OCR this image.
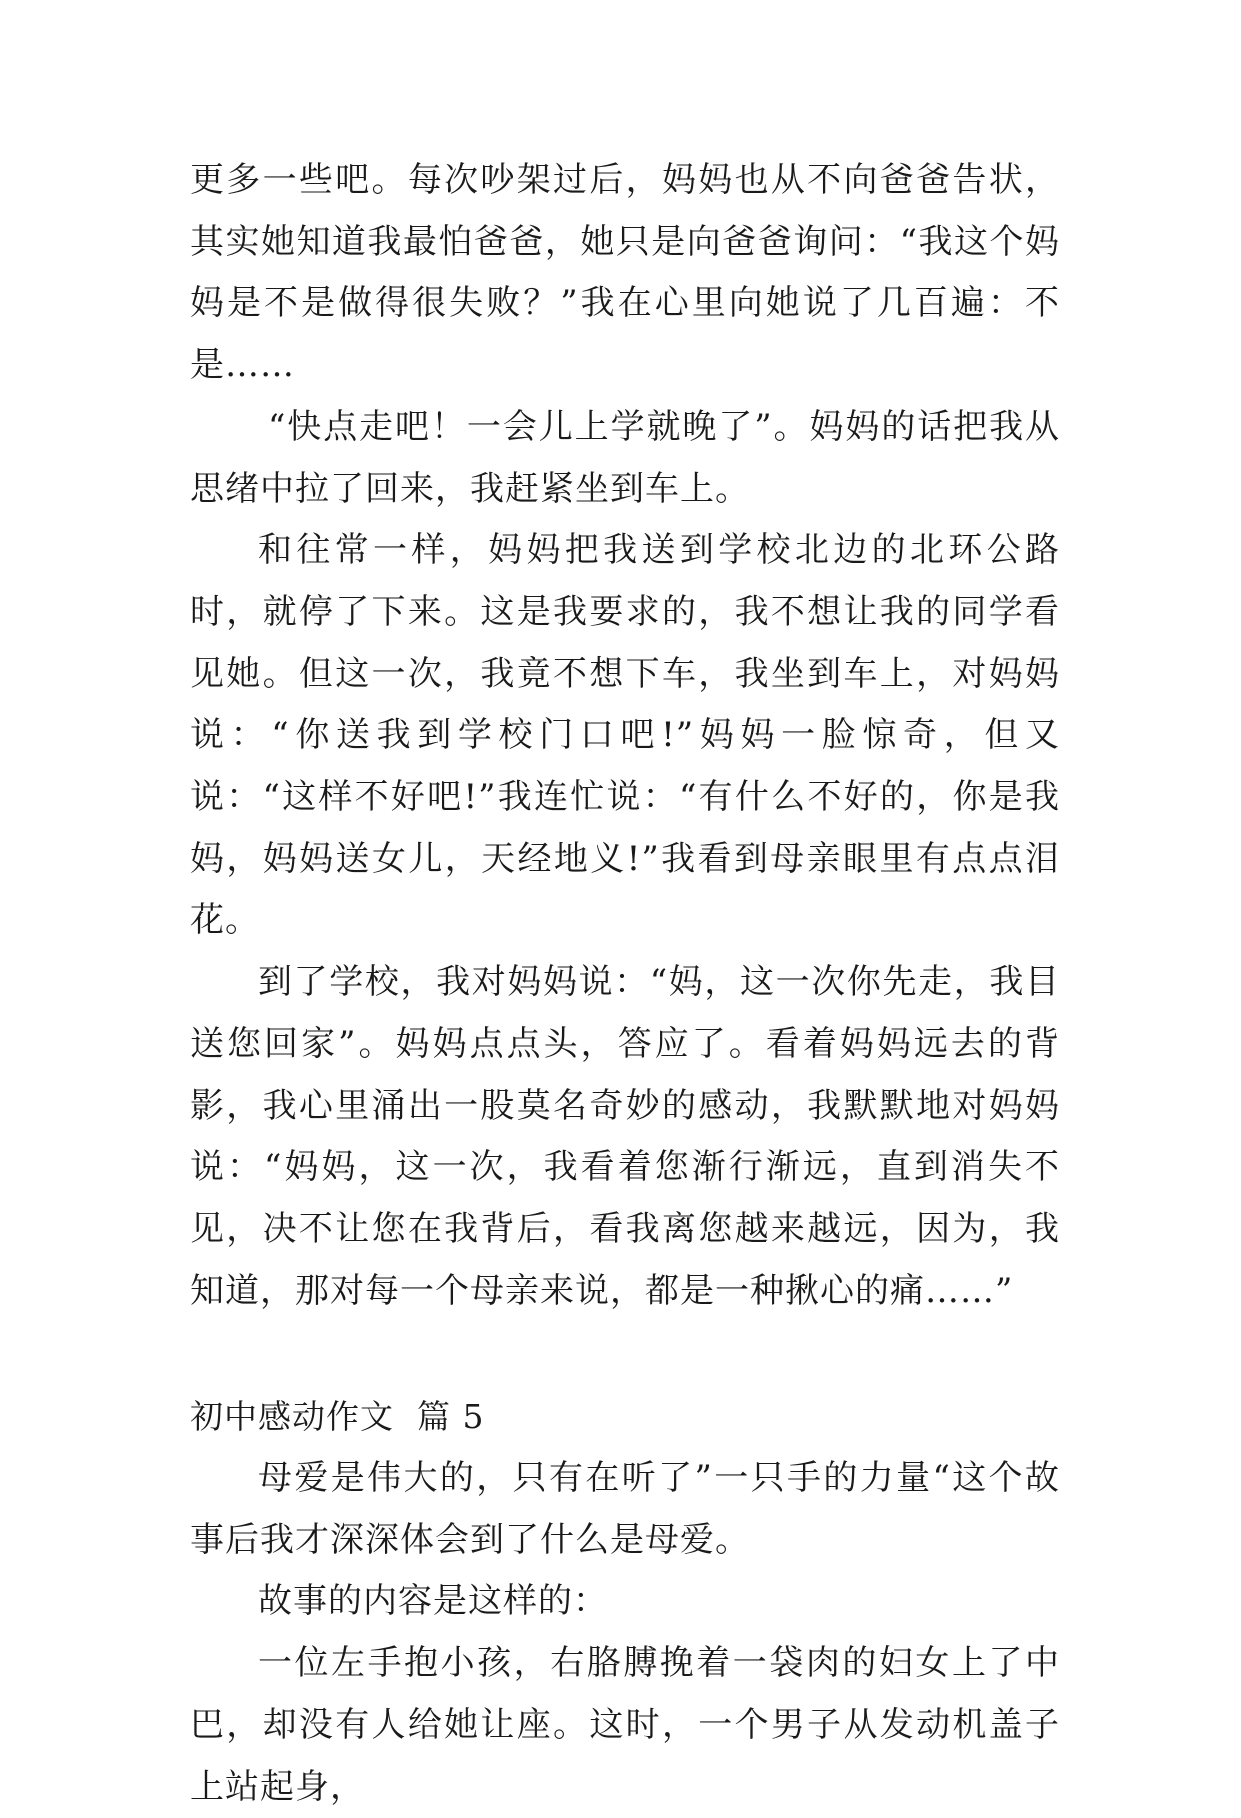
更多一些吧。每次吵架过后，妈妈也从不向爸爸告状，其实她知道我最怕爸爸，她只是向爸爸询问：“我这个妈妈是不是做得很失败？”我在心里向她说了几百遍：不是……

“快点走吧！一会儿上学就晚了”。妈妈的话把我从思绪中拉了回来，我赶紧坐到车上。

和往常一样，妈妈把我送到学校北边的北环公路时，就停了下来。这是我要求的，我不想让我的同学看见她。但这一次，我竟不想下车，我坐到车上，对妈妈说：“你送我到学校门口吧!”妈妈一脸惊奇，但又说：“这样不好吧!”我连忙说：“有什么不好的，你是我妈，妈妈送女儿，天经地义!”我看到母亲眼里有点点泪花。

到了学校，我对妈妈说：“妈，这一次你先走，我目送您回家”。妈妈点点头，答应了。看着妈妈远去的背影，我心里涌出一股莫名奇妙的感动，我默默地对妈妈说：“妈妈，这一次，我看着您渐行渐远，直到消失不见，决不让您在我背后，看我离您越来越远，因为，我知道，那对每一个母亲来说，都是一种揪心的痛……”

初中感动作文  篇 5

母爱是伟大的，只有在听了”一只手的力量“这个故事后我才深深体会到了什么是母爱。

故事的内容是这样的：

一位左手抱小孩，右胳膊挽着一袋肉的妇女上了中巴，却没有人给她让座。这时，一个男子从发动机盖子上站起身，
